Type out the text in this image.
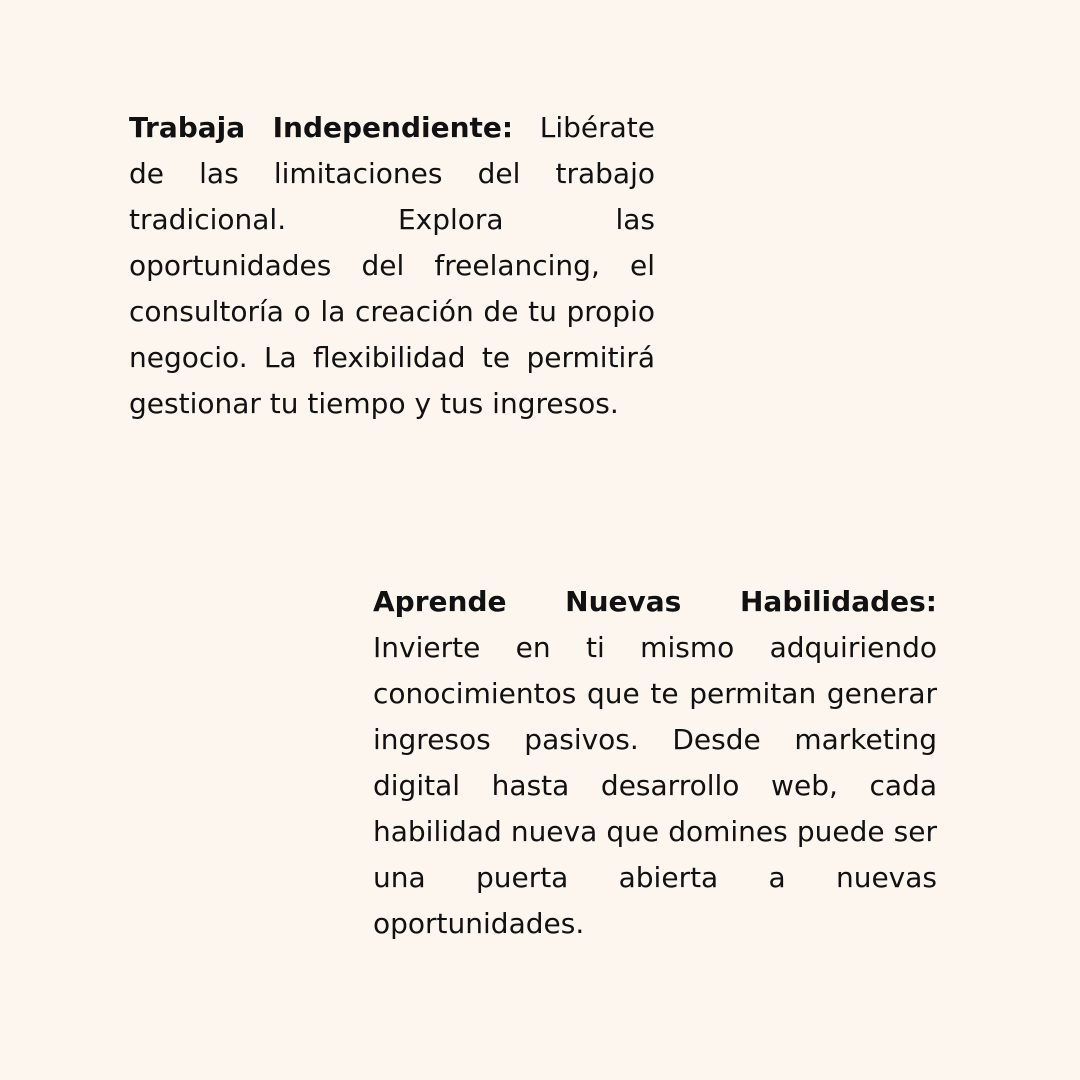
Trabaja Independiente: Libérate de las limitaciones del trabajo tradicional. Explora las oportunidades del freelancing, el consultoría o la creación de tu propio negocio. La flexibilidad te permitirá gestionar tu tiempo y tus ingresos.

Aprende Nuevas Habilidades: Invierte en ti mismo adquiriendo conocimientos que te permitan generar ingresos pasivos. Desde marketing digital hasta desarrollo web, cada habilidad nueva que domines puede ser una puerta abierta a nuevas oportunidades.
